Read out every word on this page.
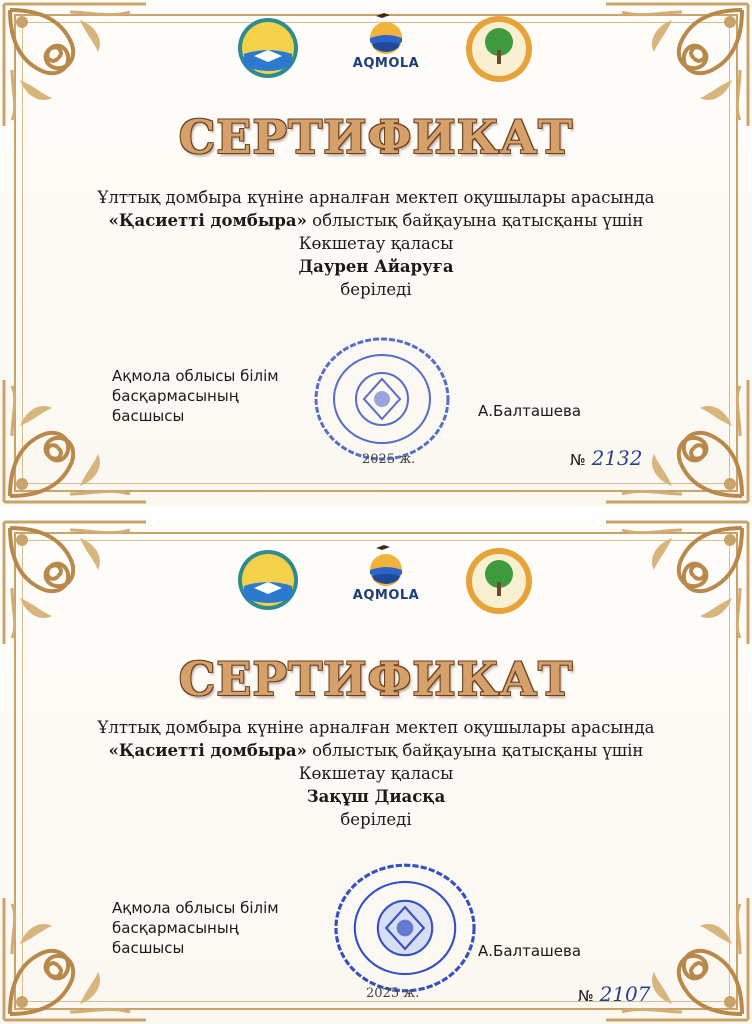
AQMOLA
СЕРТИФИКАТ
Ұлттық домбыра күніне арналған мектеп оқушылары арасында
«Қасиетті домбыра» облыстық байқауына қатысқаны үшін
Көкшетау қаласы
Даурен Айаруға
беріледі
Ақмола облысы білім
басқармасының
басшысы
2025 ж.
А.Балташева
№ 2132
AQMOLA
СЕРТИФИКАТ
Ұлттық домбыра күніне арналған мектеп оқушылары арасында
«Қасиетті домбыра» облыстық байқауына қатысқаны үшін
Көкшетау қаласы
Зақұш Диасқа
беріледі
Ақмола облысы білім
басқармасының
басшысы
2025 ж.
А.Балташева
№ 2107
